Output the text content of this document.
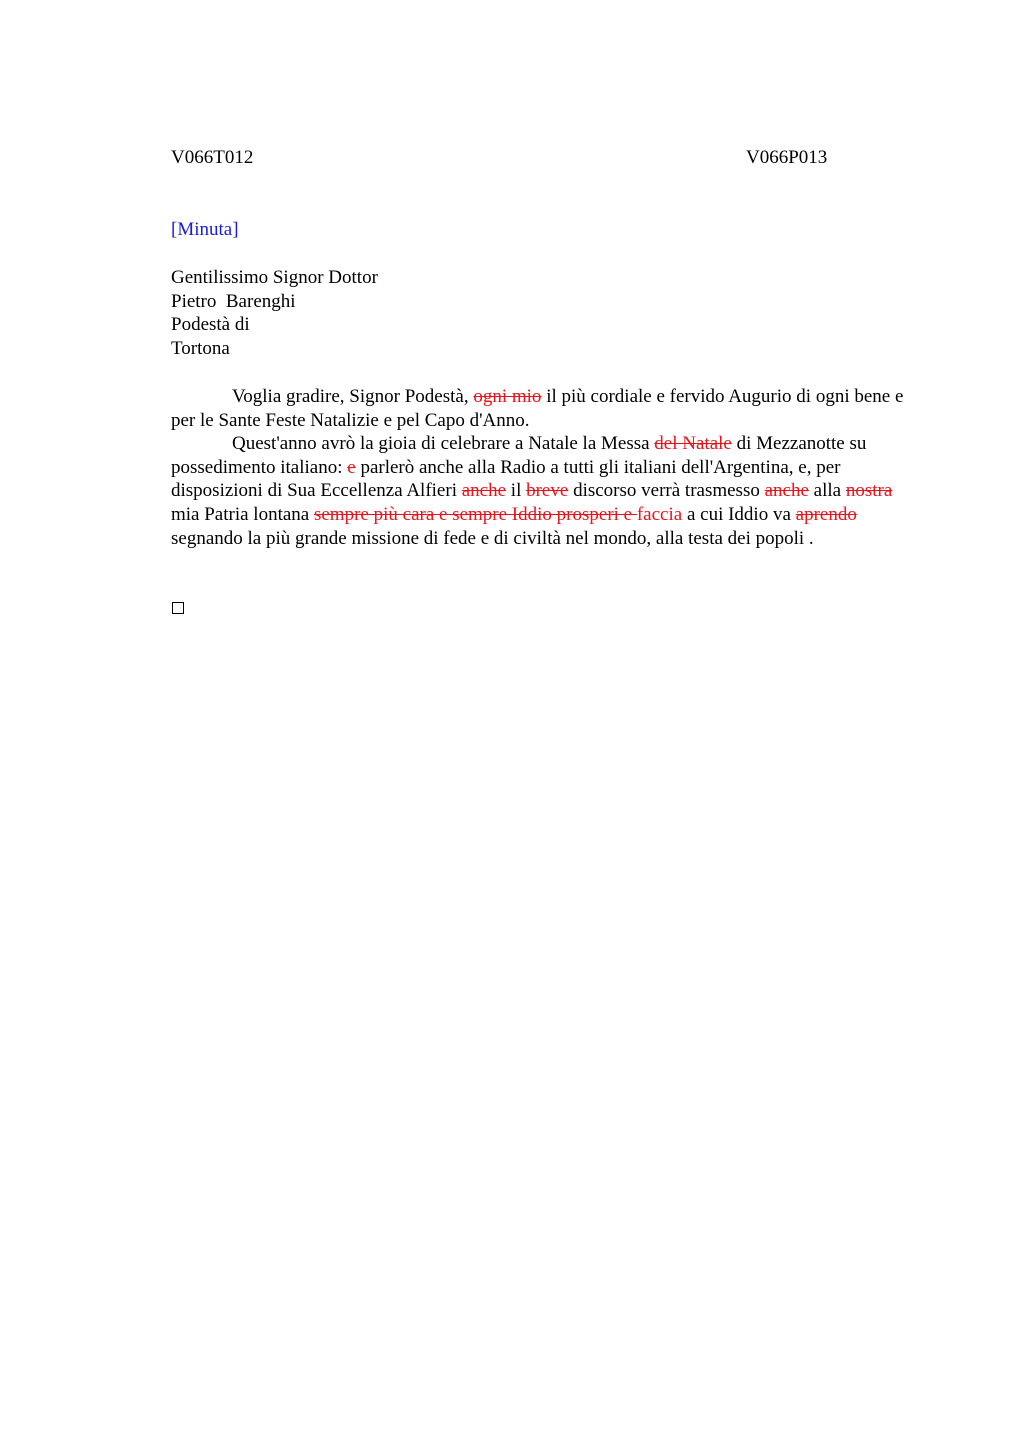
V066T012	V066P013
[Minuta]
Gentilissimo Signor Dottor
Pietro  Barenghi
Podestà di
Tortona

Voglia gradire, Signor Podestà, ogni mio il più cordiale e fervido Augurio di ogni bene e per le Sante Feste Natalizie e pel Capo d'Anno.

Quest'anno avrò la gioia di celebrare a Natale la Messa del Natale di Mezzanotte su possedimento italiano: e parlerò anche alla Radio a tutti gli italiani dell'Argentina, e, per disposizioni di Sua Eccellenza Alfieri anche il breve discorso verrà trasmesso anche alla nostra mia Patria lontana sempre più cara e sempre Iddio prosperi e faccia a cui Iddio va aprendo segnando la più grande missione di fede e di civiltà nel mondo, alla testa dei popoli .
